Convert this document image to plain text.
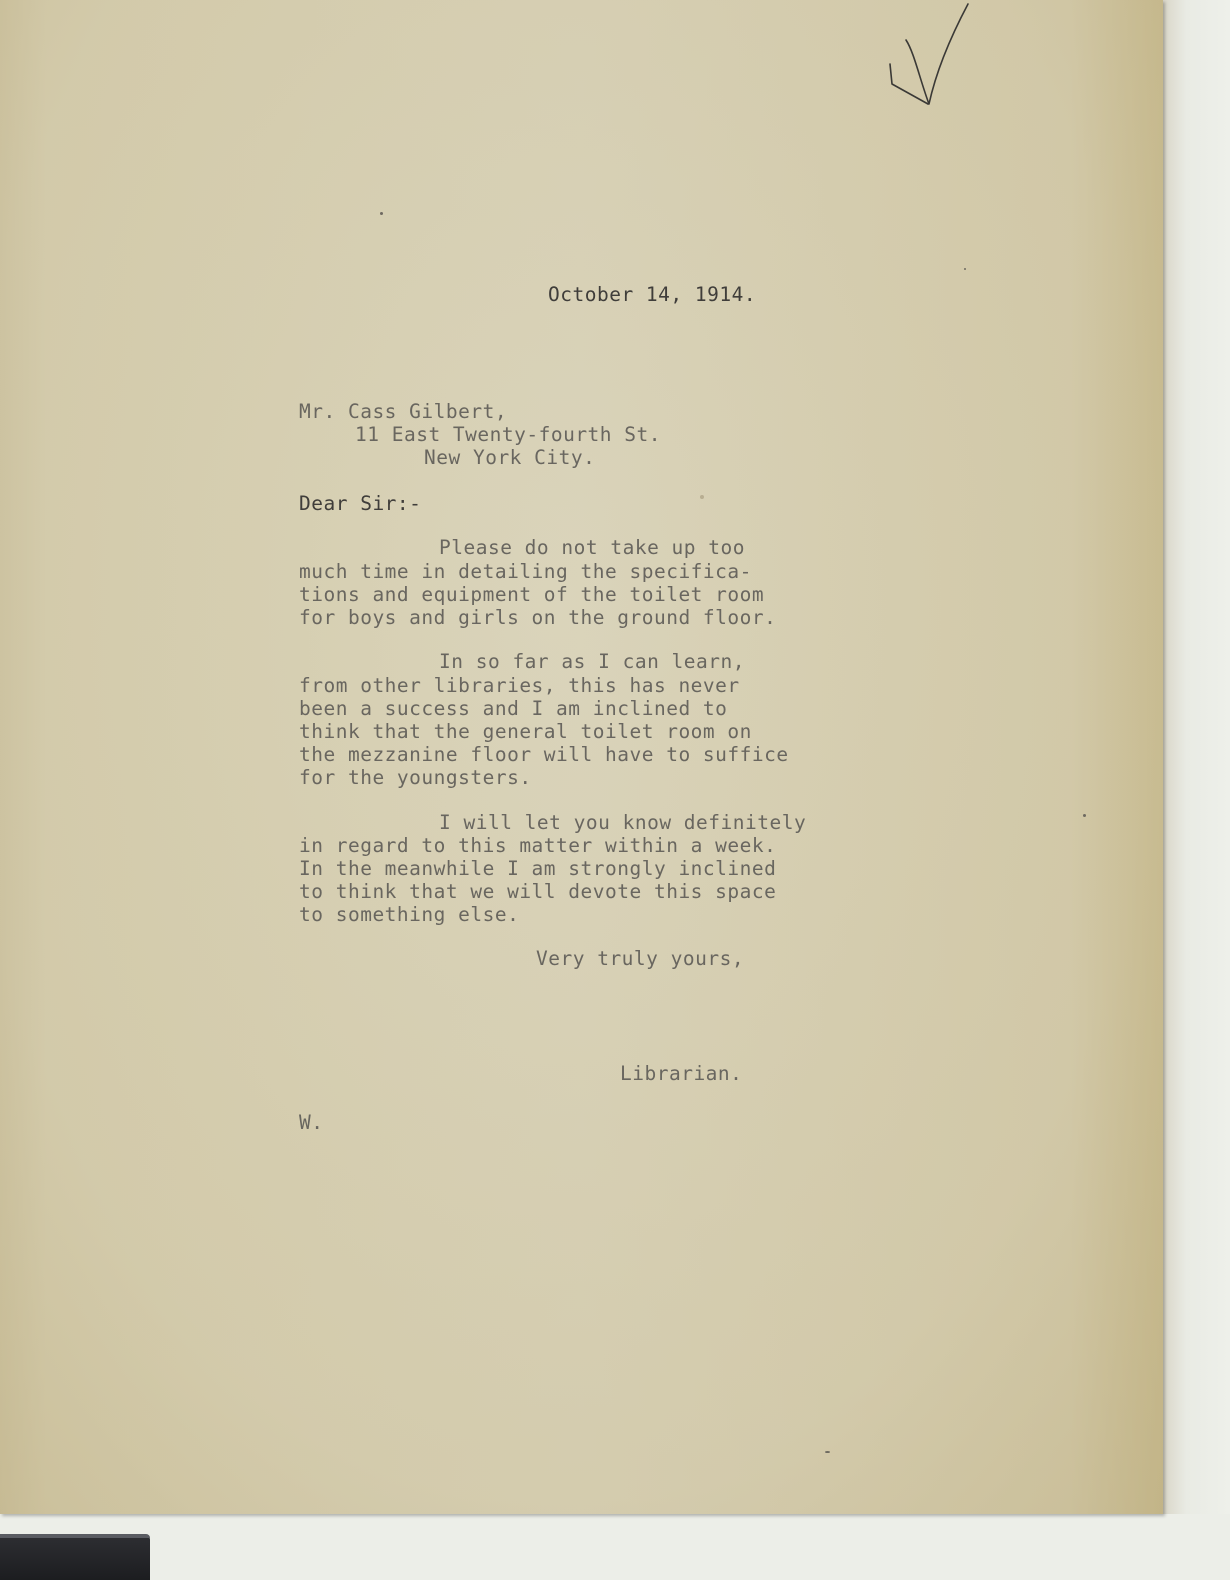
October 14, 1914.
Mr. Cass Gilbert,
11 East Twenty-fourth St.
New York City.
Dear Sir:-
Please do not take up too
much time in detailing the specifica-
tions and equipment of the toilet room
for boys and girls on the ground floor.
In so far as I can learn,
from other libraries, this has never
been a success and I am inclined to
think that the general toilet room on
the mezzanine floor will have to suffice
for the youngsters.
I will let you know definitely
in regard to this matter within a week.
In the meanwhile I am strongly inclined
to think that we will devote this space
to something else.
Very truly yours,
Librarian.
W.
